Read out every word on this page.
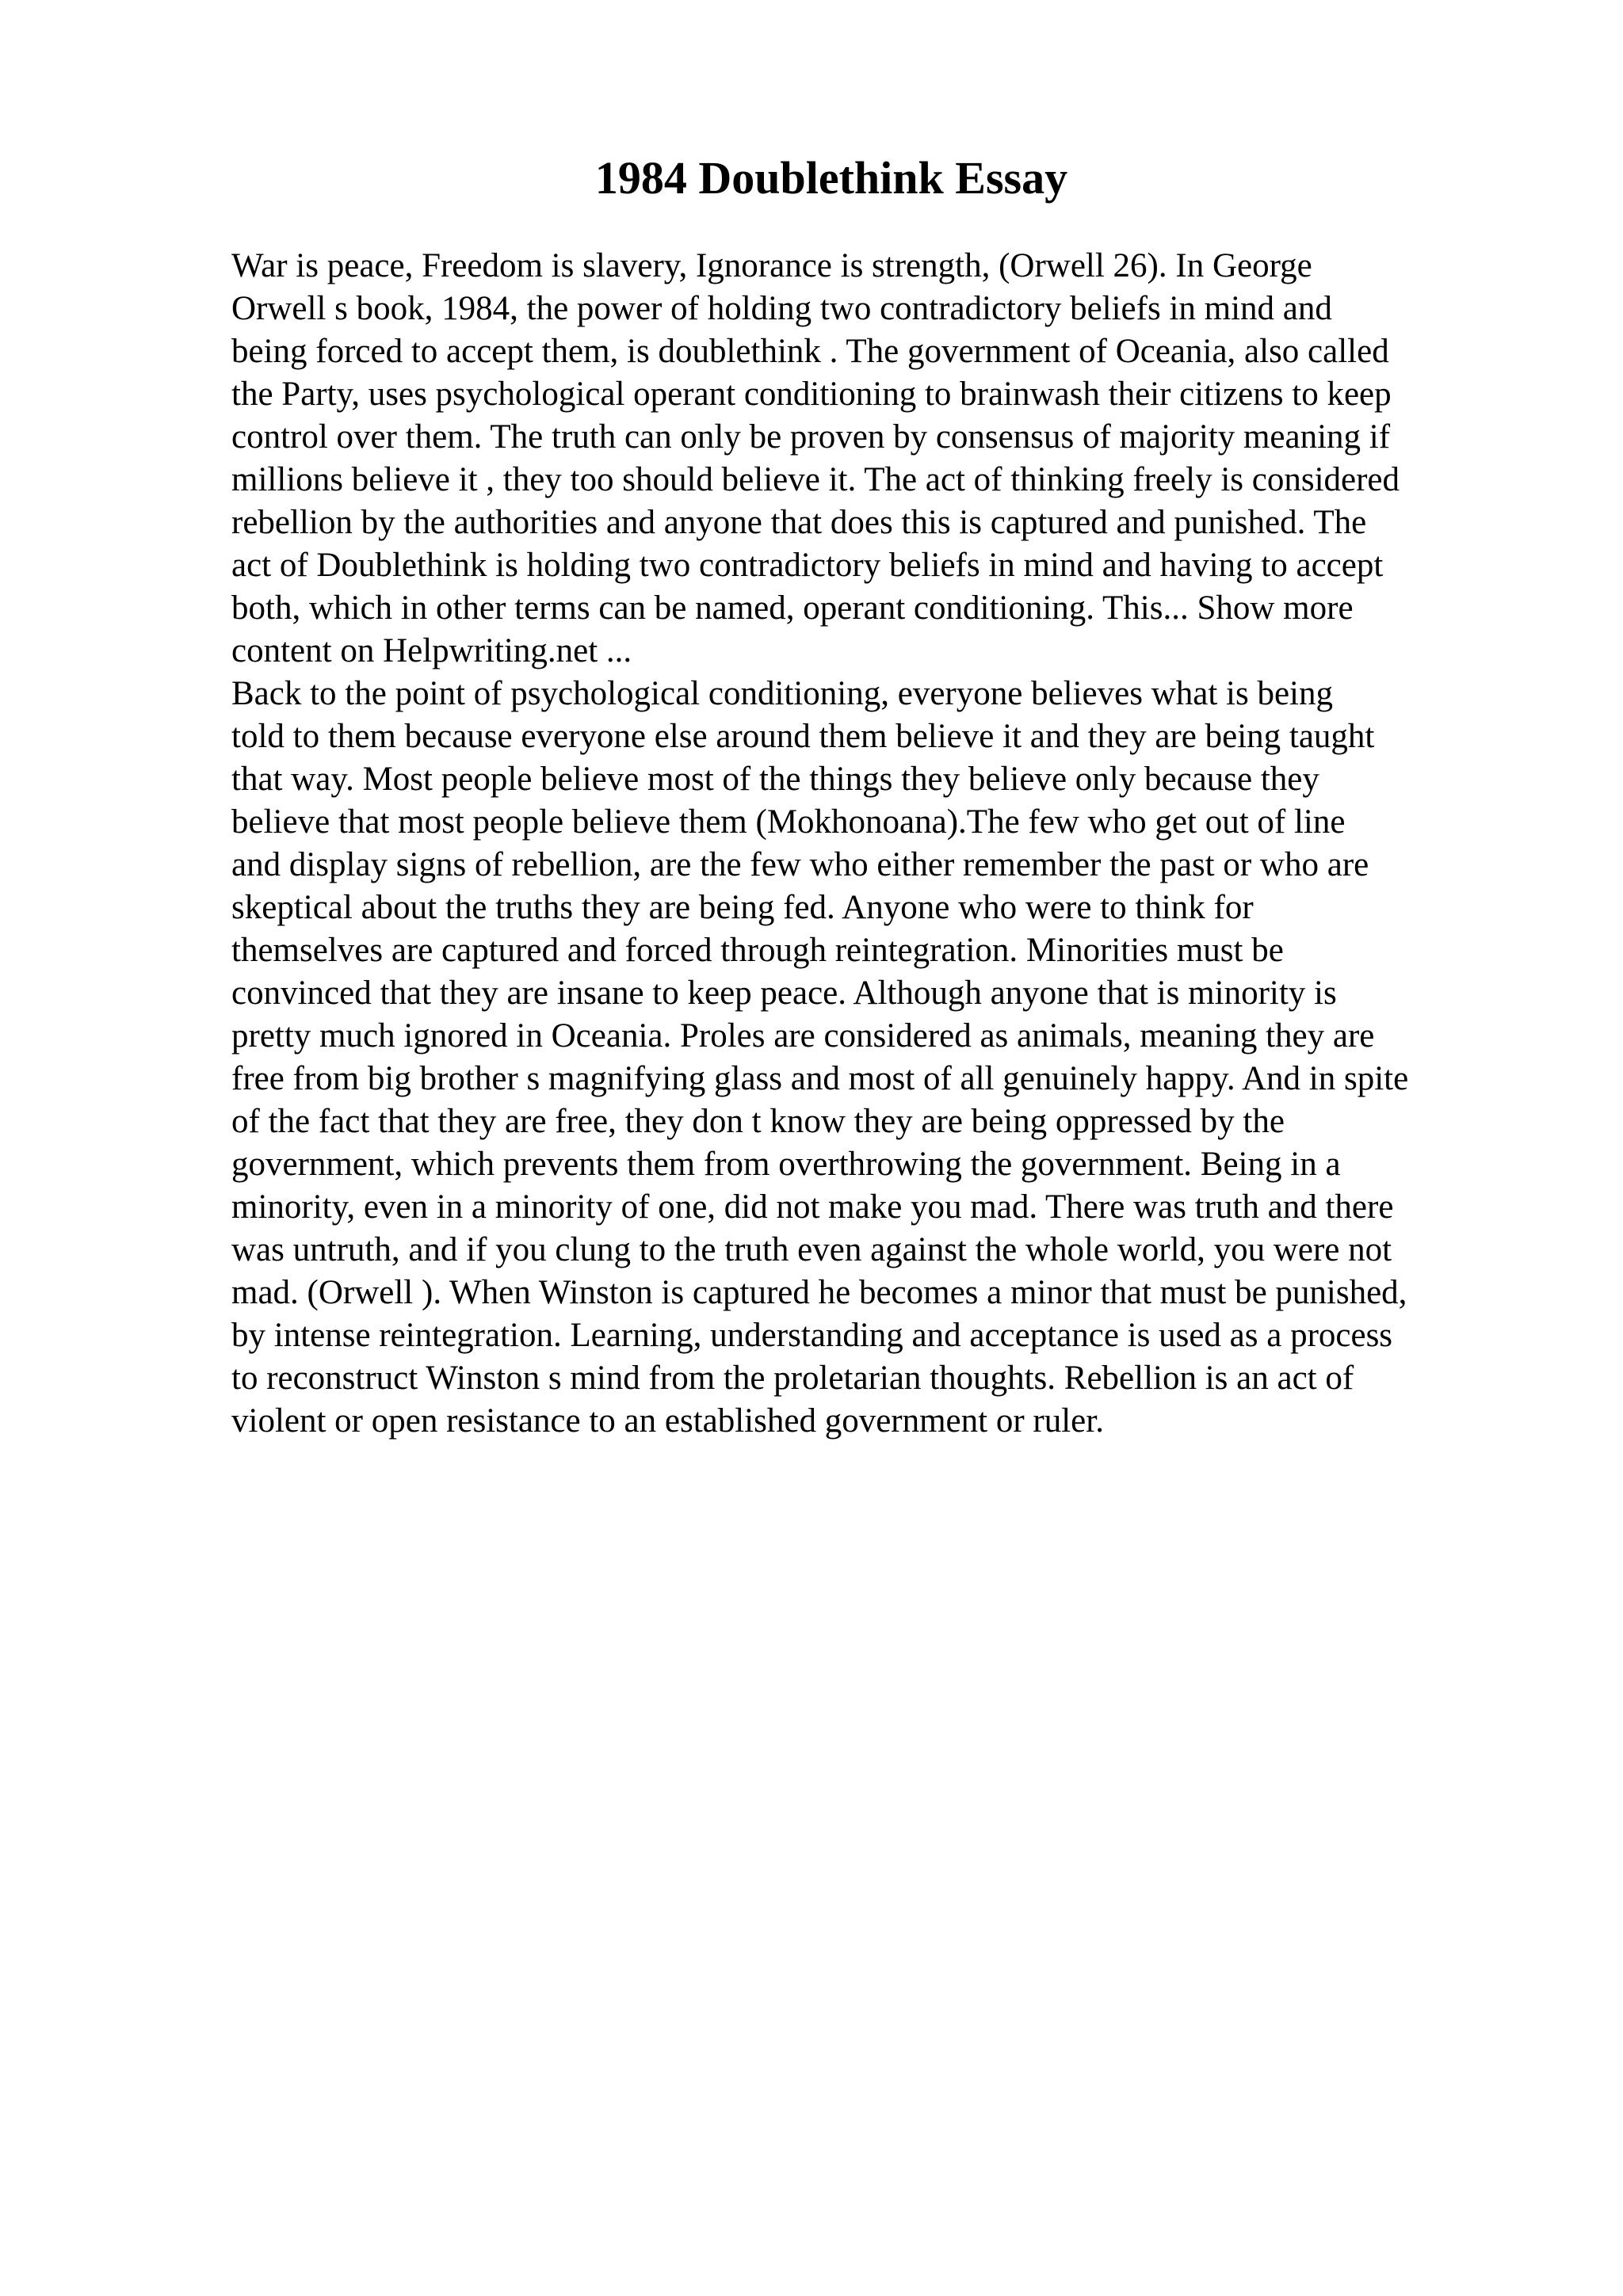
1984 Doublethink Essay
War is peace, Freedom is slavery, Ignorance is strength, (Orwell 26). In George
Orwell s book, 1984, the power of holding two contradictory beliefs in mind and
being forced to accept them, is doublethink . The government of Oceania, also called
the Party, uses psychological operant conditioning to brainwash their citizens to keep
control over them. The truth can only be proven by consensus of majority meaning if
millions believe it , they too should believe it. The act of thinking freely is considered
rebellion by the authorities and anyone that does this is captured and punished. The
act of Doublethink is holding two contradictory beliefs in mind and having to accept
both, which in other terms can be named, operant conditioning. This... Show more
content on Helpwriting.net ...
Back to the point of psychological conditioning, everyone believes what is being
told to them because everyone else around them believe it and they are being taught
that way. Most people believe most of the things they believe only because they
believe that most people believe them (Mokhonoana).The few who get out of line
and display signs of rebellion, are the few who either remember the past or who are
skeptical about the truths they are being fed. Anyone who were to think for
themselves are captured and forced through reintegration. Minorities must be
convinced that they are insane to keep peace. Although anyone that is minority is
pretty much ignored in Oceania. Proles are considered as animals, meaning they are
free from big brother s magnifying glass and most of all genuinely happy. And in spite
of the fact that they are free, they don t know they are being oppressed by the
government, which prevents them from overthrowing the government. Being in a
minority, even in a minority of one, did not make you mad. There was truth and there
was untruth, and if you clung to the truth even against the whole world, you were not
mad. (Orwell ). When Winston is captured he becomes a minor that must be punished,
by intense reintegration. Learning, understanding and acceptance is used as a process
to reconstruct Winston s mind from the proletarian thoughts. Rebellion is an act of
violent or open resistance to an established government or ruler.
